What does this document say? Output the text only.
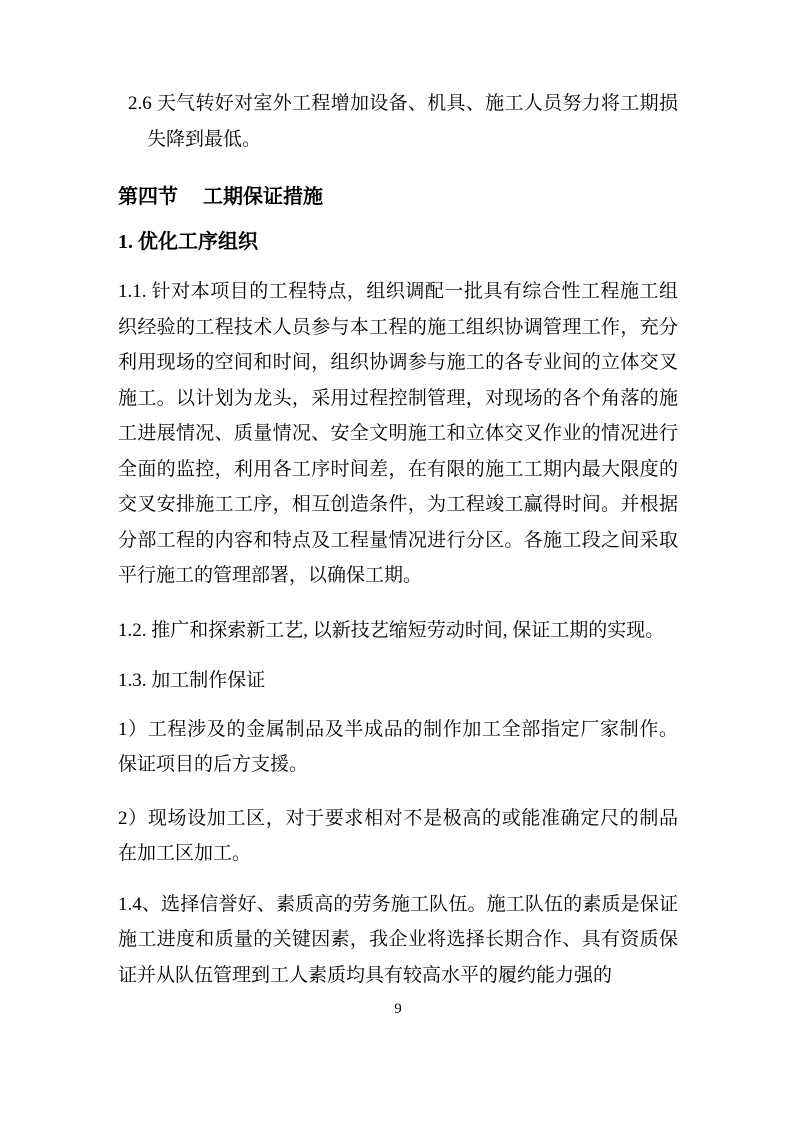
2.6 天气转好对室外工程增加设备、机具、施工人员努力将工期损失降到最低。

第四节　 工期保证措施
1. 优化工序组织

1.1. 针对本项目的工程特点，组织调配一批具有综合性工程施工组织经验的工程技术人员参与本工程的施工组织协调管理工作，充分利用现场的空间和时间，组织协调参与施工的各专业间的立体交叉施工。以计划为龙头，采用过程控制管理，对现场的各个角落的施工进展情况、质量情况、安全文明施工和立体交叉作业的情况进行全面的监控，利用各工序时间差，在有限的施工工期内最大限度的交叉安排施工工序，相互创造条件，为工程竣工赢得时间。并根据分部工程的内容和特点及工程量情况进行分区。各施工段之间采取平行施工的管理部署，以确保工期。

1.2. 推广和探索新工艺, 以新技艺缩短劳动时间, 保证工期的实现。

1.3. 加工制作保证

1）工程涉及的金属制品及半成品的制作加工全部指定厂家制作。保证项目的后方支援。

2）现场设加工区，对于要求相对不是极高的或能准确定尺的制品在加工区加工。

1.4、选择信誉好、素质高的劳务施工队伍。施工队伍的素质是保证施工进度和质量的关键因素，我企业将选择长期合作、具有资质保证并从队伍管理到工人素质均具有较高水平的履约能力强的

9
